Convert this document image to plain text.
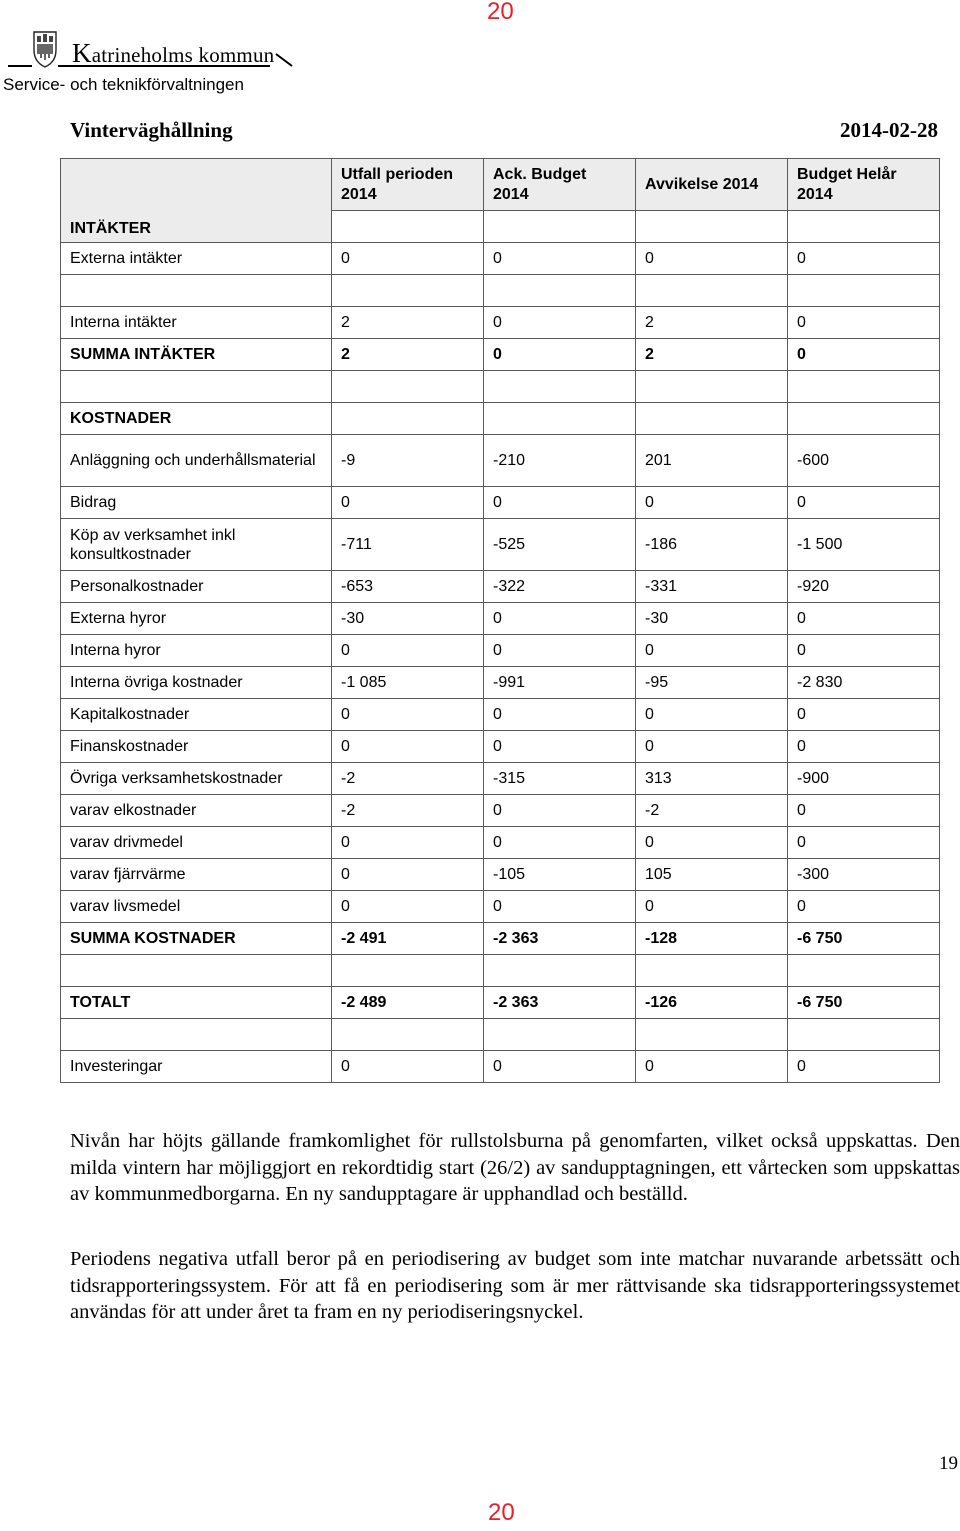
20
Katrineholms kommun
Service- och teknikförvaltningen
Vinterväghållning	2014-02-28
INTÄKTER	Utfall perioden 2014	Ack. Budget 2014	Avvikelse 2014	Budget Helår 2014

Externa intäkter	0	0	0	0

Interna intäkter	2	0	2	0
SUMMA INTÄKTER	2	0	2	0

KOSTNADER				
Anläggning och underhållsmaterial	-9	-210	201	-600
Bidrag	0	0	0	0
Köp av verksamhet inkl konsultkostnader	-711	-525	-186	-1 500
Personalkostnader	-653	-322	-331	-920
Externa hyror	-30	0	-30	0
Interna hyror	0	0	0	0
Interna övriga kostnader	-1 085	-991	-95	-2 830
Kapitalkostnader	0	0	0	0
Finanskostnader	0	0	0	0
Övriga verksamhetskostnader	-2	-315	313	-900
varav elkostnader	-2	0	-2	0
varav drivmedel	0	0	0	0
varav fjärrvärme	0	-105	105	-300
varav livsmedel	0	0	0	0
SUMMA KOSTNADER	-2 491	-2 363	-128	-6 750

TOTALT	-2 489	-2 363	-126	-6 750

Investeringar	0	0	0	0

Nivån har höjts gällande framkomlighet för rullstolsburna på genomfarten, vilket också uppskattas. Den milda vintern har möjliggjort en rekordtidig start (26/2) av sandupptagningen, ett vårtecken som uppskattas av kommunmedborgarna. En ny sandupptagare är upphandlad och beställd.

Periodens negativa utfall beror på en periodisering av budget som inte matchar nuvarande arbetssätt och tidsrapporteringssystem. För att få en periodisering som är mer rättvisande ska tidsrapporteringssystemet användas för att under året ta fram en ny periodiseringsnyckel.

19
20
